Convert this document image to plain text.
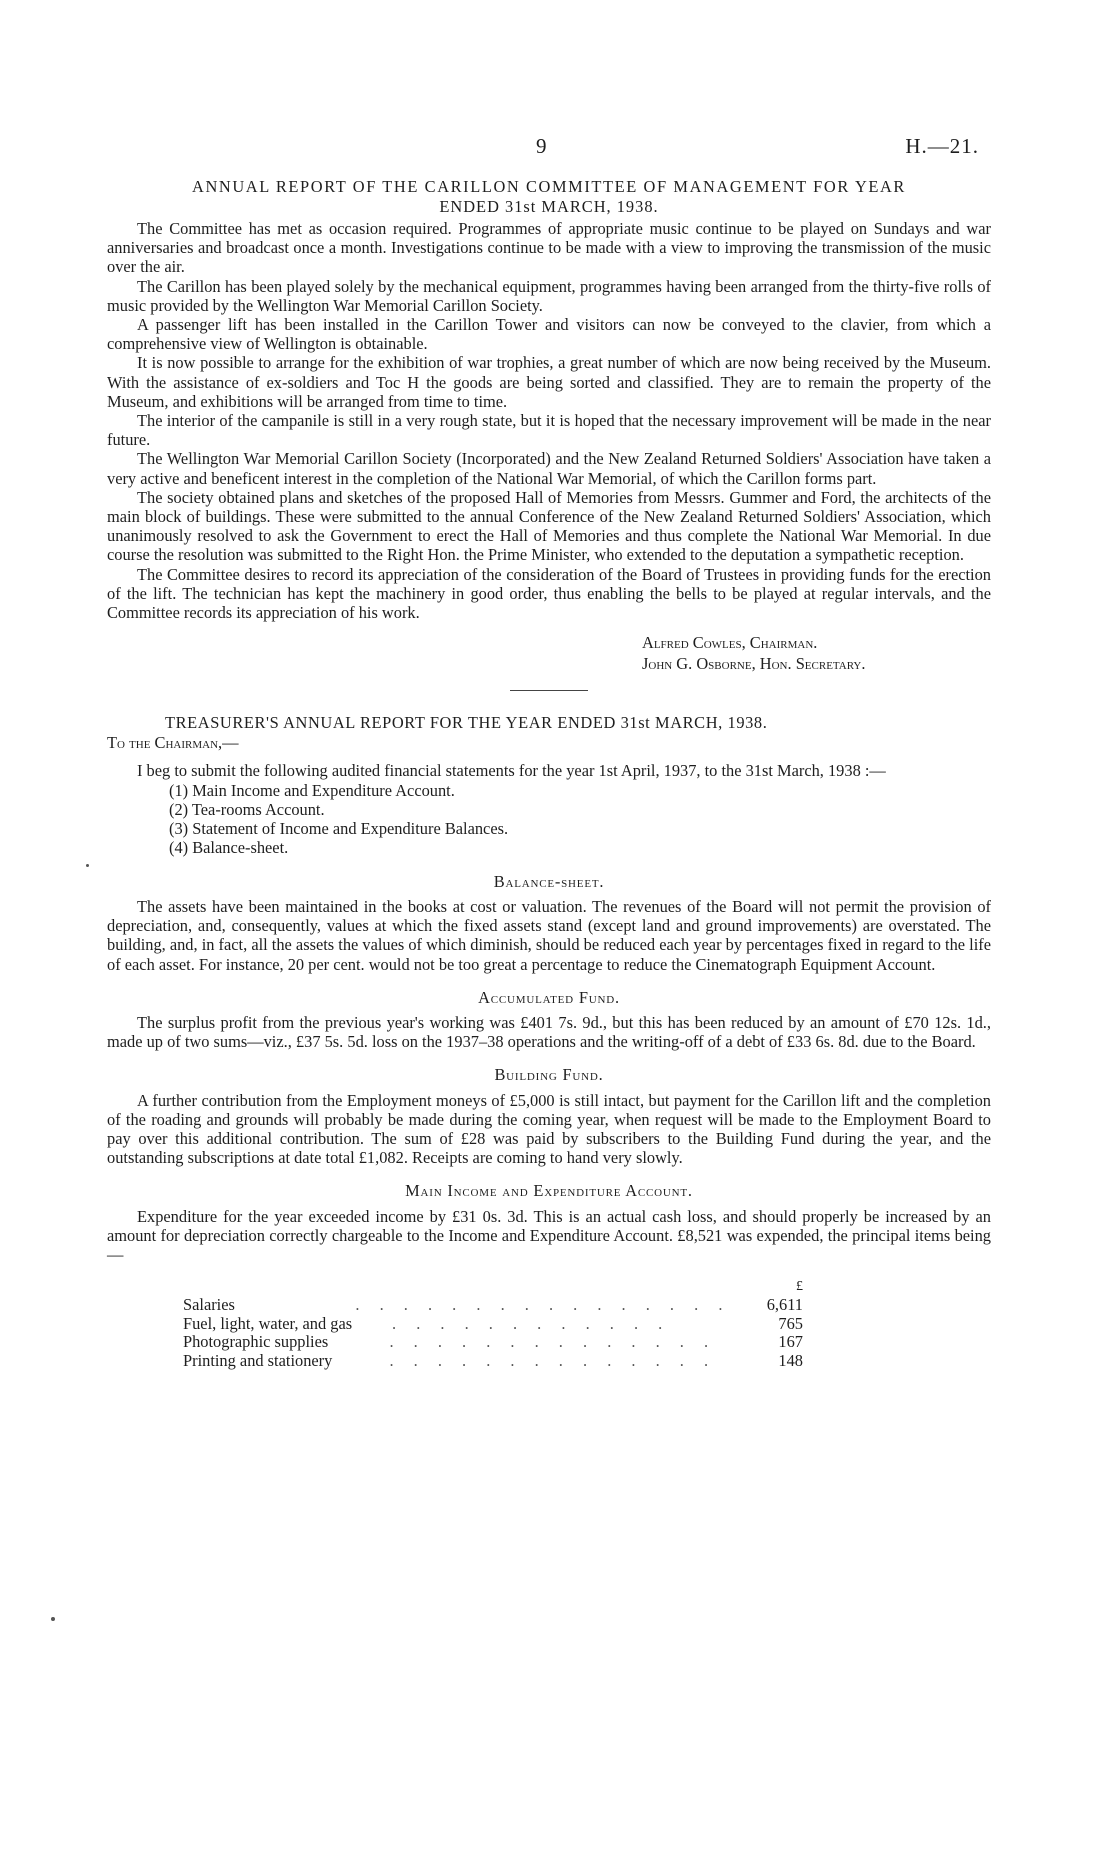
9	H.—21.
ANNUAL REPORT OF THE CARILLON COMMITTEE OF MANAGEMENT FOR YEAR
ENDED 31st MARCH, 1938.

The Committee has met as occasion required. Programmes of appropriate music continue to be played on Sundays and war anniversaries and broadcast once a month. Investigations continue to be made with a view to improving the transmission of the music over the air.

The Carillon has been played solely by the mechanical equipment, programmes having been arranged from the thirty-five rolls of music provided by the Wellington War Memorial Carillon Society.

A passenger lift has been installed in the Carillon Tower and visitors can now be conveyed to the clavier, from which a comprehensive view of Wellington is obtainable.

It is now possible to arrange for the exhibition of war trophies, a great number of which are now being received by the Museum. With the assistance of ex-soldiers and Toc H the goods are being sorted and classified. They are to remain the property of the Museum, and exhibitions will be arranged from time to time.

The interior of the campanile is still in a very rough state, but it is hoped that the necessary improvement will be made in the near future.

The Wellington War Memorial Carillon Society (Incorporated) and the New Zealand Returned Soldiers' Association have taken a very active and beneficent interest in the completion of the National War Memorial, of which the Carillon forms part.

The society obtained plans and sketches of the proposed Hall of Memories from Messrs. Gummer and Ford, the architects of the main block of buildings. These were submitted to the annual Conference of the New Zealand Returned Soldiers' Association, which unanimously resolved to ask the Government to erect the Hall of Memories and thus complete the National War Memorial. In due course the resolution was submitted to the Right Hon. the Prime Minister, who extended to the deputation a sympathetic reception.

The Committee desires to record its appreciation of the consideration of the Board of Trustees in providing funds for the erection of the lift. The technician has kept the machinery in good order, thus enabling the bells to be played at regular intervals, and the Committee records its appreciation of his work.

Alfred Cowles, Chairman.
John G. Osborne, Hon. Secretary.
TREASURER'S ANNUAL REPORT FOR THE YEAR ENDED 31st MARCH, 1938.
To the Chairman,—

I beg to submit the following audited financial statements for the year 1st April, 1937, to the 31st March, 1938 :—

(1) Main Income and Expenditure Account.
(2) Tea-rooms Account.
(3) Statement of Income and Expenditure Balances.
(4) Balance-sheet.
Balance-sheet.

The assets have been maintained in the books at cost or valuation. The revenues of the Board will not permit the provision of depreciation, and, consequently, values at which the fixed assets stand (except land and ground improvements) are overstated. The building, and, in fact, all the assets the values of which diminish, should be reduced each year by percentages fixed in regard to the life of each asset. For instance, 20 per cent. would not be too great a percentage to reduce the Cinematograph Equipment Account.

Accumulated Fund.

The surplus profit from the previous year's working was £401 7s. 9d., but this has been reduced by an amount of £70 12s. 1d., made up of two sums—viz., £37 5s. 5d. loss on the 1937–38 operations and the writing-off of a debt of £33 6s. 8d. due to the Board.

Building Fund.

A further contribution from the Employment moneys of £5,000 is still intact, but payment for the Carillon lift and the completion of the roading and grounds will probably be made during the coming year, when request will be made to the Employment Board to pay over this additional contribution. The sum of £28 was paid by subscribers to the Building Fund during the year, and the outstanding subscriptions at date total £1,082. Receipts are coming to hand very slowly.

Main Income and Expenditure Account.

Expenditure for the year exceeded income by £31 0s. 3d. This is an actual cash loss, and should properly be increased by an amount for depreciation correctly chargeable to the Income and Expenditure Account. £8,521 was expended, the principal items being—

£
Salaries	. . . . . . . . . . . . . . . .	6,611
Fuel, light, water, and gas	. . . . . . . . . . . .	765
Photographic supplies	. . . . . . . . . . . . . .	167
Printing and stationery	. . . . . . . . . . . . . .	148
